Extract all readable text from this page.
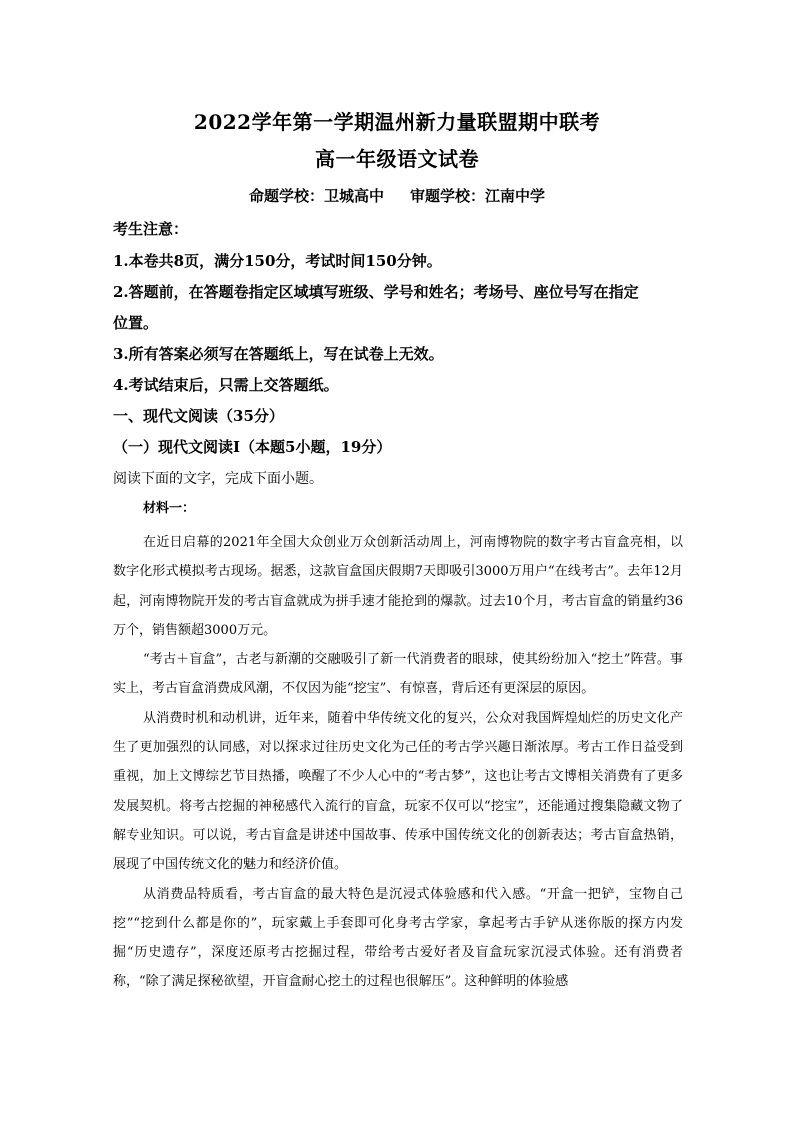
2022学年第一学期温州新力量联盟期中联考
高一年级语文试卷
命题学校：卫城高中 审题学校：江南中学
考生注意：
1.本卷共8页，满分150分，考试时间150分钟。
2.答题前，在答题卷指定区域填写班级、学号和姓名；考场号、座位号写在指定
位置。
3.所有答案必须写在答题纸上，写在试卷上无效。
4.考试结束后，只需上交答题纸。
一、现代文阅读（35分）
（一）现代文阅读Ⅰ（本题5小题，19分）
阅读下面的文字，完成下面小题。
材料一：

在近日启幕的2021年全国大众创业万众创新活动周上，河南博物院的数字考古盲盒亮相，以数字化形式模拟考古现场。据悉，这款盲盒国庆假期7天即吸引3000万用户“在线考古”。去年12月起，河南博物院开发的考古盲盒就成为拼手速才能抢到的爆款。过去10个月，考古盲盒的销量约36万个，销售额超3000万元。

“考古＋盲盒”，古老与新潮的交融吸引了新一代消费者的眼球，使其纷纷加入“挖土”阵营。事实上，考古盲盒消费成风潮，不仅因为能“挖宝”、有惊喜，背后还有更深层的原因。

从消费时机和动机讲，近年来，随着中华传统文化的复兴，公众对我国辉煌灿烂的历史文化产生了更加强烈的认同感，对以探求过往历史文化为己任的考古学兴趣日渐浓厚。考古工作日益受到重视，加上文博综艺节目热播，唤醒了不少人心中的“考古梦”，这也让考古文博相关消费有了更多发展契机。将考古挖掘的神秘感代入流行的盲盒，玩家不仅可以“挖宝”，还能通过搜集隐藏文物了解专业知识。可以说，考古盲盒是讲述中国故事、传承中国传统文化的创新表达；考古盲盒热销，展现了中国传统文化的魅力和经济价值。

从消费品特质看，考古盲盒的最大特色是沉浸式体验感和代入感。“开盒一把铲，宝物自己挖”“挖到什么都是你的”，玩家戴上手套即可化身考古学家，拿起考古手铲从迷你版的探方内发掘“历史遗存”，深度还原考古挖掘过程，带给考古爱好者及盲盒玩家沉浸式体验。还有消费者称，“除了满足探秘欲望，开盲盒耐心挖土的过程也很解压”。这种鲜明的体验感
